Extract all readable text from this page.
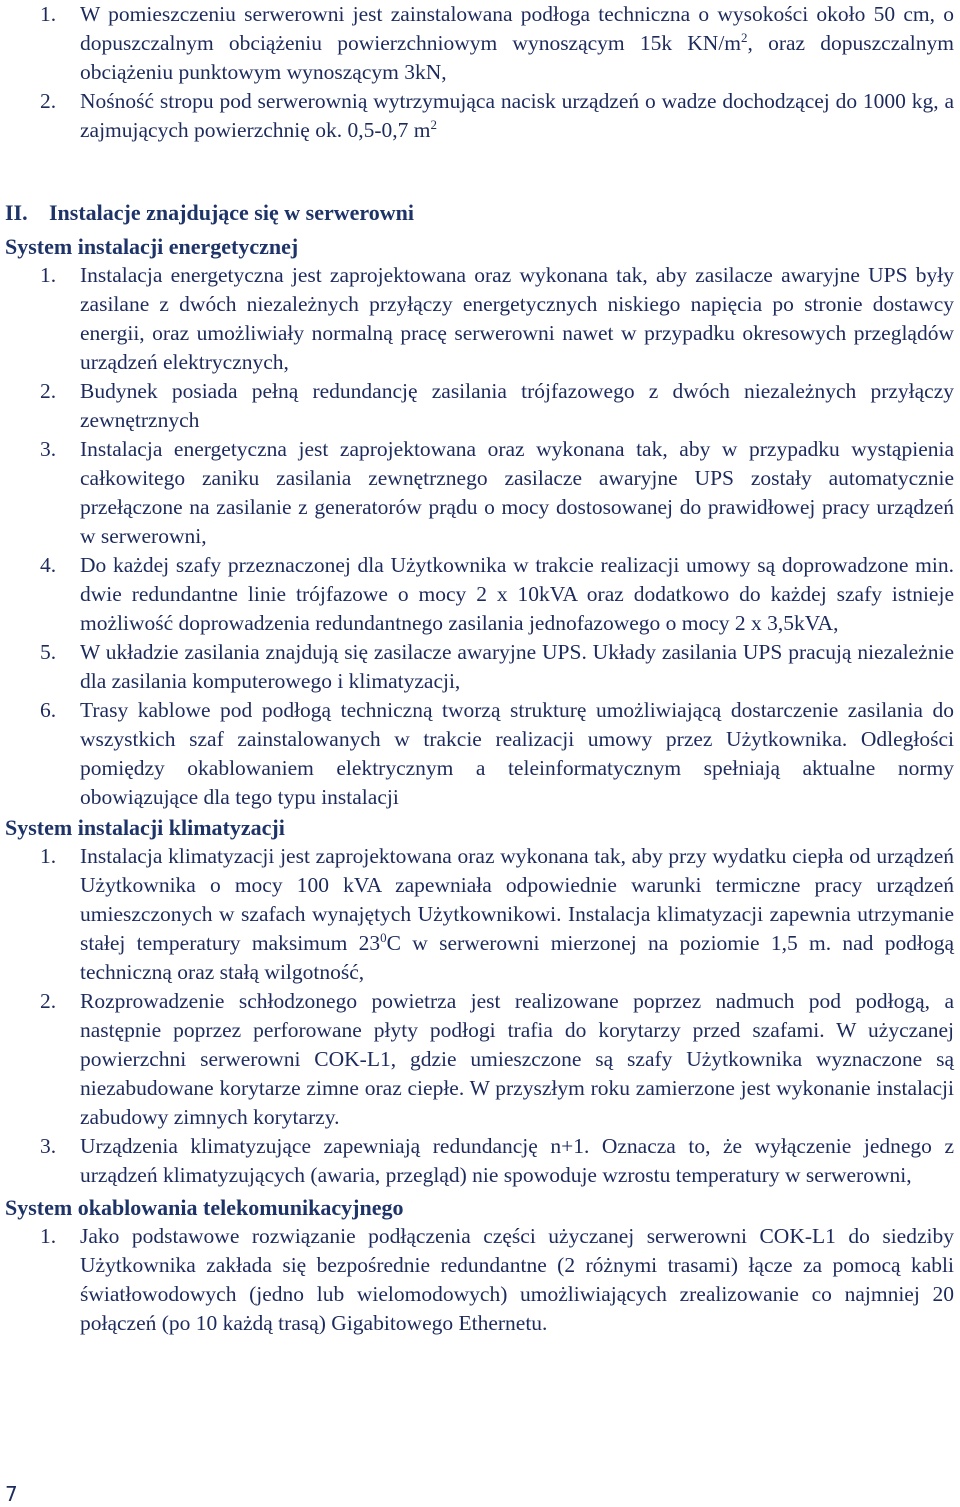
1. W pomieszczeniu serwerowni jest zainstalowana podłoga techniczna o wysokości około 50 cm, o dopuszczalnym obciążeniu powierzchniowym wynoszącym 15k $KN/m^2$, oraz dopuszczalnym obciążeniu punktowym wynoszącym 3kN,
2. Nośność stropu pod serwerownią wytrzymująca nacisk urządzeń o wadze dochodzącej do 1000 kg, a zajmujących powierzchnię ok. 0,5-0,7 $m^2$
II. Instalacje znajdujące się w serwerowni
System instalacji energetycznej
1. Instalacja energetyczna jest zaprojektowana oraz wykonana tak, aby zasilacze awaryjne UPS były zasilane z dwóch niezależnych przyłączy energetycznych niskiego napięcia po stronie dostawcy energii, oraz umożliwiały normalną pracę serwerowni nawet w przypadku okresowych przeglądów urządzeń elektrycznych,
2. Budynek posiada pełną redundancję zasilania trójfazowego z dwóch niezależnych przyłączy zewnętrznych
3. Instalacja energetyczna jest zaprojektowana oraz wykonana tak, aby w przypadku wystąpienia całkowitego zaniku zasilania zewnętrznego zasilacze awaryjne UPS zostały automatycznie przełączone na zasilanie z generatorów prądu o mocy dostosowanej do prawidłowej pracy urządzeń w serwerowni,
4. Do każdej szafy przeznaczonej dla Użytkownika w trakcie realizacji umowy są doprowadzone min. dwie redundantne linie trójfazowe o mocy 2 x 10kVA oraz dodatkowo do każdej szafy istnieje możliwość doprowadzenia redundantnego zasilania jednofazowego o mocy 2 x 3,5kVA,
5. W układzie zasilania znajdują się zasilacze awaryjne UPS. Układy zasilania UPS pracują niezależnie dla zasilania komputerowego i klimatyzacji,
6. Trasy kablowe pod podłogą techniczną tworzą strukturę umożliwiającą dostarczenie zasilania do wszystkich szaf zainstalowanych w trakcie realizacji umowy przez Użytkownika. Odległości pomiędzy okablowaniem elektrycznym a teleinformatycznym spełniają aktualne normy obowiązujące dla tego typu instalacji
System instalacji klimatyzacji
1. Instalacja klimatyzacji jest zaprojektowana oraz wykonana tak, aby przy wydatku ciepła od urządzeń Użytkownika o mocy 100 kVA zapewniała odpowiednie warunki termiczne pracy urządzeń umieszczonych w szafach wynajętych Użytkownikowi. Instalacja klimatyzacji zapewnia utrzymanie stałej temperatury maksimum $23^0C$ w serwerowni mierzonej na poziomie 1,5 m. nad podłogą techniczną oraz stałą wilgotność,
2. Rozprowadzenie schłodzonego powietrza jest realizowane poprzez nadmuch pod podłogą, a następnie poprzez perforowane płyty podłogi trafia do korytarzy przed szafami. W użyczanej powierzchni serwerowni COK-L1, gdzie umieszczone są szafy Użytkownika wyznaczone są niezabudowane korytarze zimne oraz ciepłe. W przyszłym roku zamierzone jest wykonanie instalacji zabudowy zimnych korytarzy.
3. Urządzenia klimatyzujące zapewniają redundancję n+1. Oznacza to, że wyłączenie jednego z urządzeń klimatyzujących (awaria, przegląd) nie spowoduje wzrostu temperatury w serwerowni,
System okablowania telekomunikacyjnego
1. Jako podstawowe rozwiązanie podłączenia części użyczanej serwerowni COK-L1 do siedziby Użytkownika zakłada się bezpośrednie redundantne (2 różnymi trasami) łącze za pomocą kabli światłowodowych (jedno lub wielomodowych) umożliwiających zrealizowanie co najmniej 20 połączeń (po 10 każdą trasą) Gigabitowego Ethernetu.
7
